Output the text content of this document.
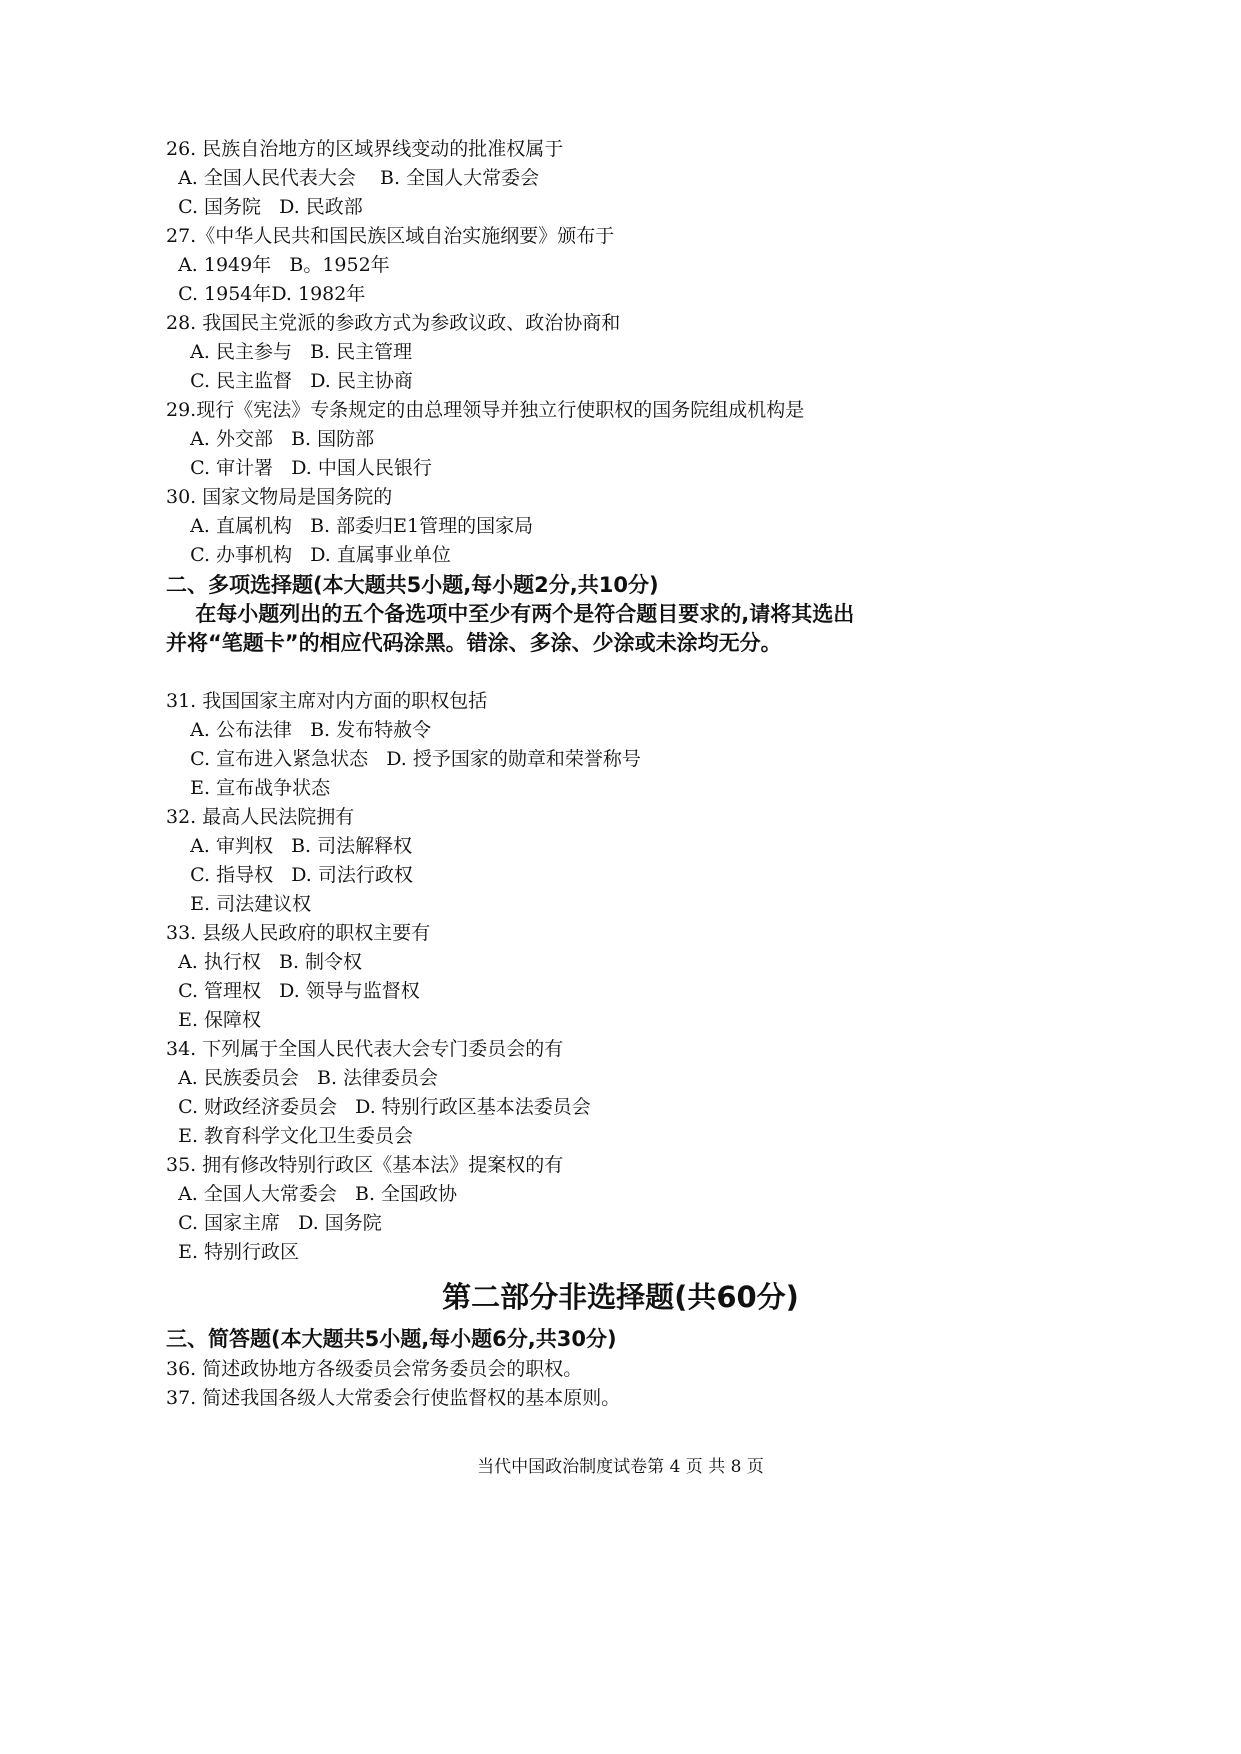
26. 民族自治地方的区域界线变动的批准权属于
A. 全国人民代表大会    B. 全国人大常委会
C. 国务院   D. 民政部
27.《中华人民共和国民族区域自治实施纲要》颁布于
A. 1949年   B。1952年
C. 1954年D. 1982年
28. 我国民主党派的参政方式为参政议政、政治协商和
A. 民主参与   B. 民主管理
C. 民主监督   D. 民主协商
29.现行《宪法》专条规定的由总理领导并独立行使职权的国务院组成机构是
A. 外交部   B. 国防部
C. 审计署   D. 中国人民银行
30. 国家文物局是国务院的
A. 直属机构   B. 部委归E1管理的国家局
C. 办事机构   D. 直属事业单位
二、多项选择题(本大题共5小题,每小题2分,共10分)
在每小题列出的五个备选项中至少有两个是符合题目要求的,请将其选出
并将“笔题卡”的相应代码涂黑。错涂、多涂、少涂或未涂均无分。
31. 我国国家主席对内方面的职权包括
A. 公布法律   B. 发布特赦令
C. 宣布进入紧急状态   D. 授予国家的勋章和荣誉称号
E. 宣布战争状态
32. 最高人民法院拥有
A. 审判权   B. 司法解释权
C. 指导权   D. 司法行政权
E. 司法建议权
33. 县级人民政府的职权主要有
A. 执行权   B. 制令权
C. 管理权   D. 领导与监督权
E. 保障权
34. 下列属于全国人民代表大会专门委员会的有
A. 民族委员会   B. 法律委员会
C. 财政经济委员会   D. 特别行政区基本法委员会
E. 教育科学文化卫生委员会
35. 拥有修改特别行政区《基本法》提案权的有
A. 全国人大常委会   B. 全国政协
C. 国家主席   D. 国务院
E. 特别行政区
第二部分非选择题(共60分)
三、简答题(本大题共5小题,每小题6分,共30分)
36. 简述政协地方各级委员会常务委员会的职权。
37. 简述我国各级人大常委会行使监督权的基本原则。
当代中国政治制度试卷第 4 页 共 8 页
